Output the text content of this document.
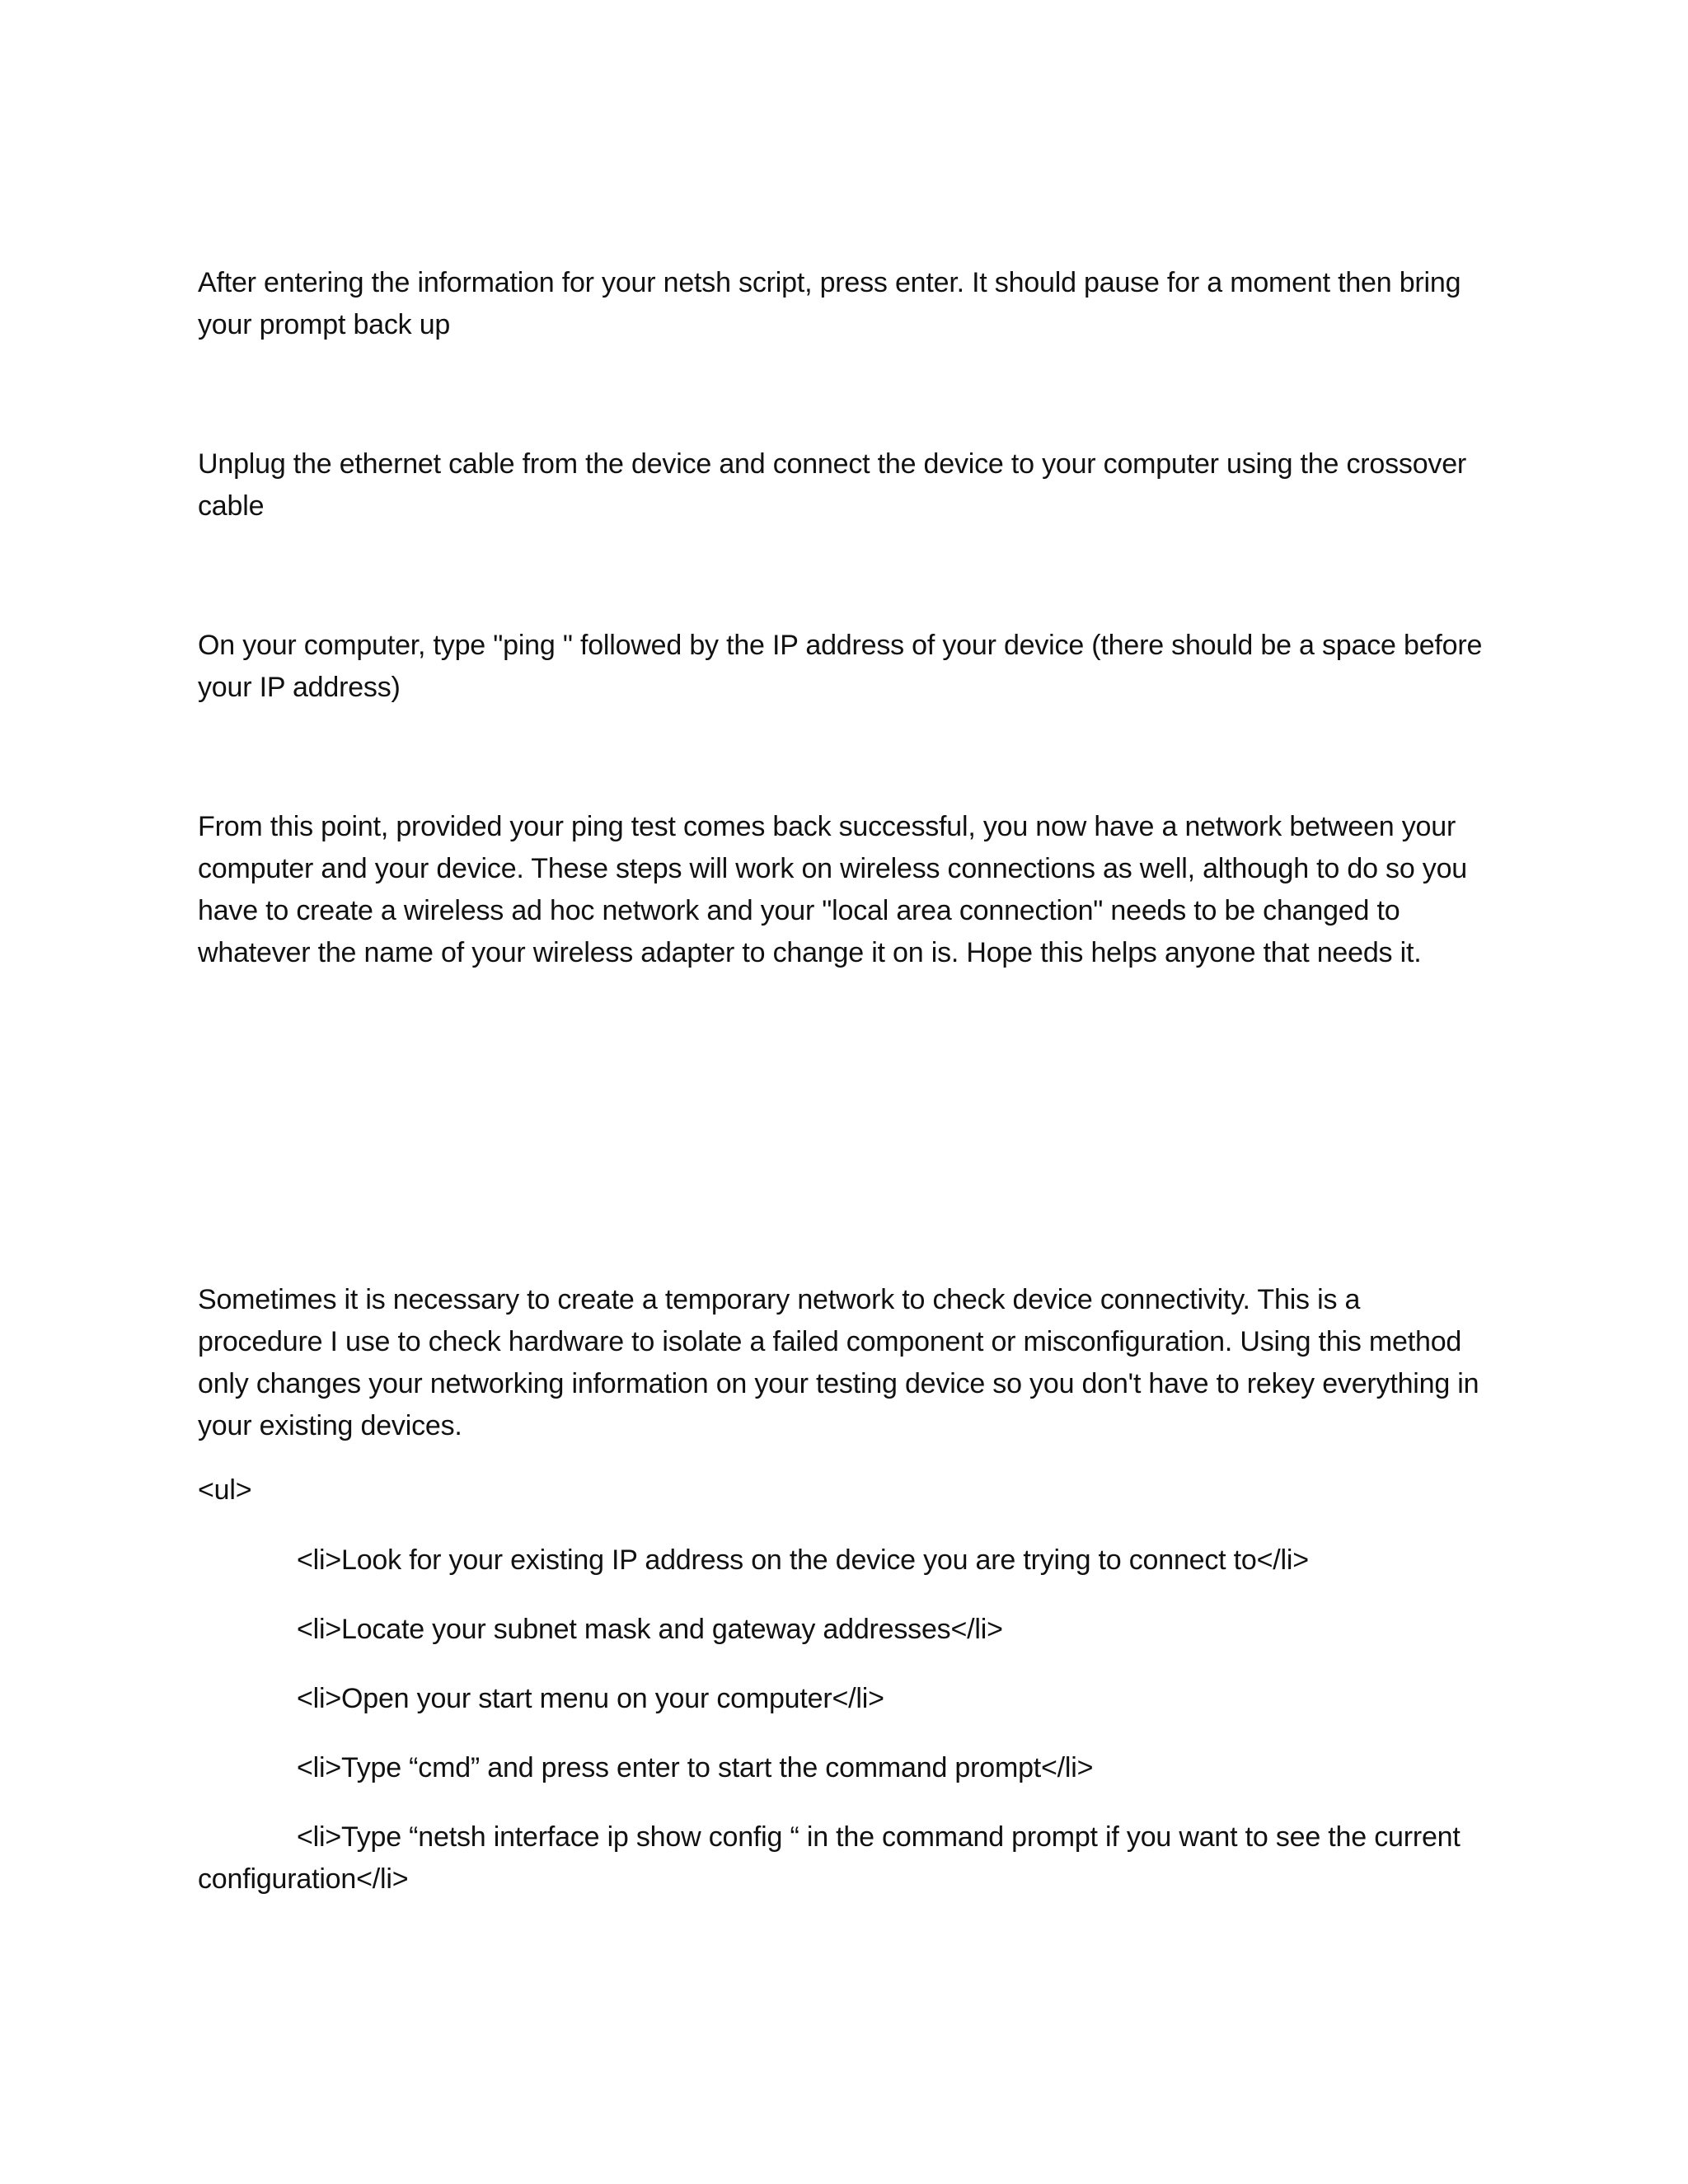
After entering the information for your netsh script, press enter. It should pause for a moment then bring your prompt back up

Unplug the ethernet cable from the device and connect the device to your computer using the crossover cable

On your computer, type "ping " followed by the IP address of your device (there should be a space before your IP address)

From this point, provided your ping test comes back successful, you now have a network between your computer and your device. These steps will work on wireless connections as well, although to do so you have to create a wireless ad hoc network and your "local area connection" needs to be changed to whatever the name of your wireless adapter to change it on is. Hope this helps anyone that needs it.

Sometimes it is necessary to create a temporary network to check device connectivity. This is a procedure I use to check hardware to isolate a failed component or misconfiguration. Using this method only changes your networking information on your testing device so you don't have to rekey everything in your existing devices.

<ul>

<li>Look for your existing IP address on the device you are trying to connect to</li>

<li>Locate your subnet mask and gateway addresses</li>

<li>Open your start menu on your computer</li>

<li>Type “cmd” and press enter to start the command prompt</li>

<li>Type “netsh interface ip show config “ in the command prompt if you want to see the current configuration</li>
